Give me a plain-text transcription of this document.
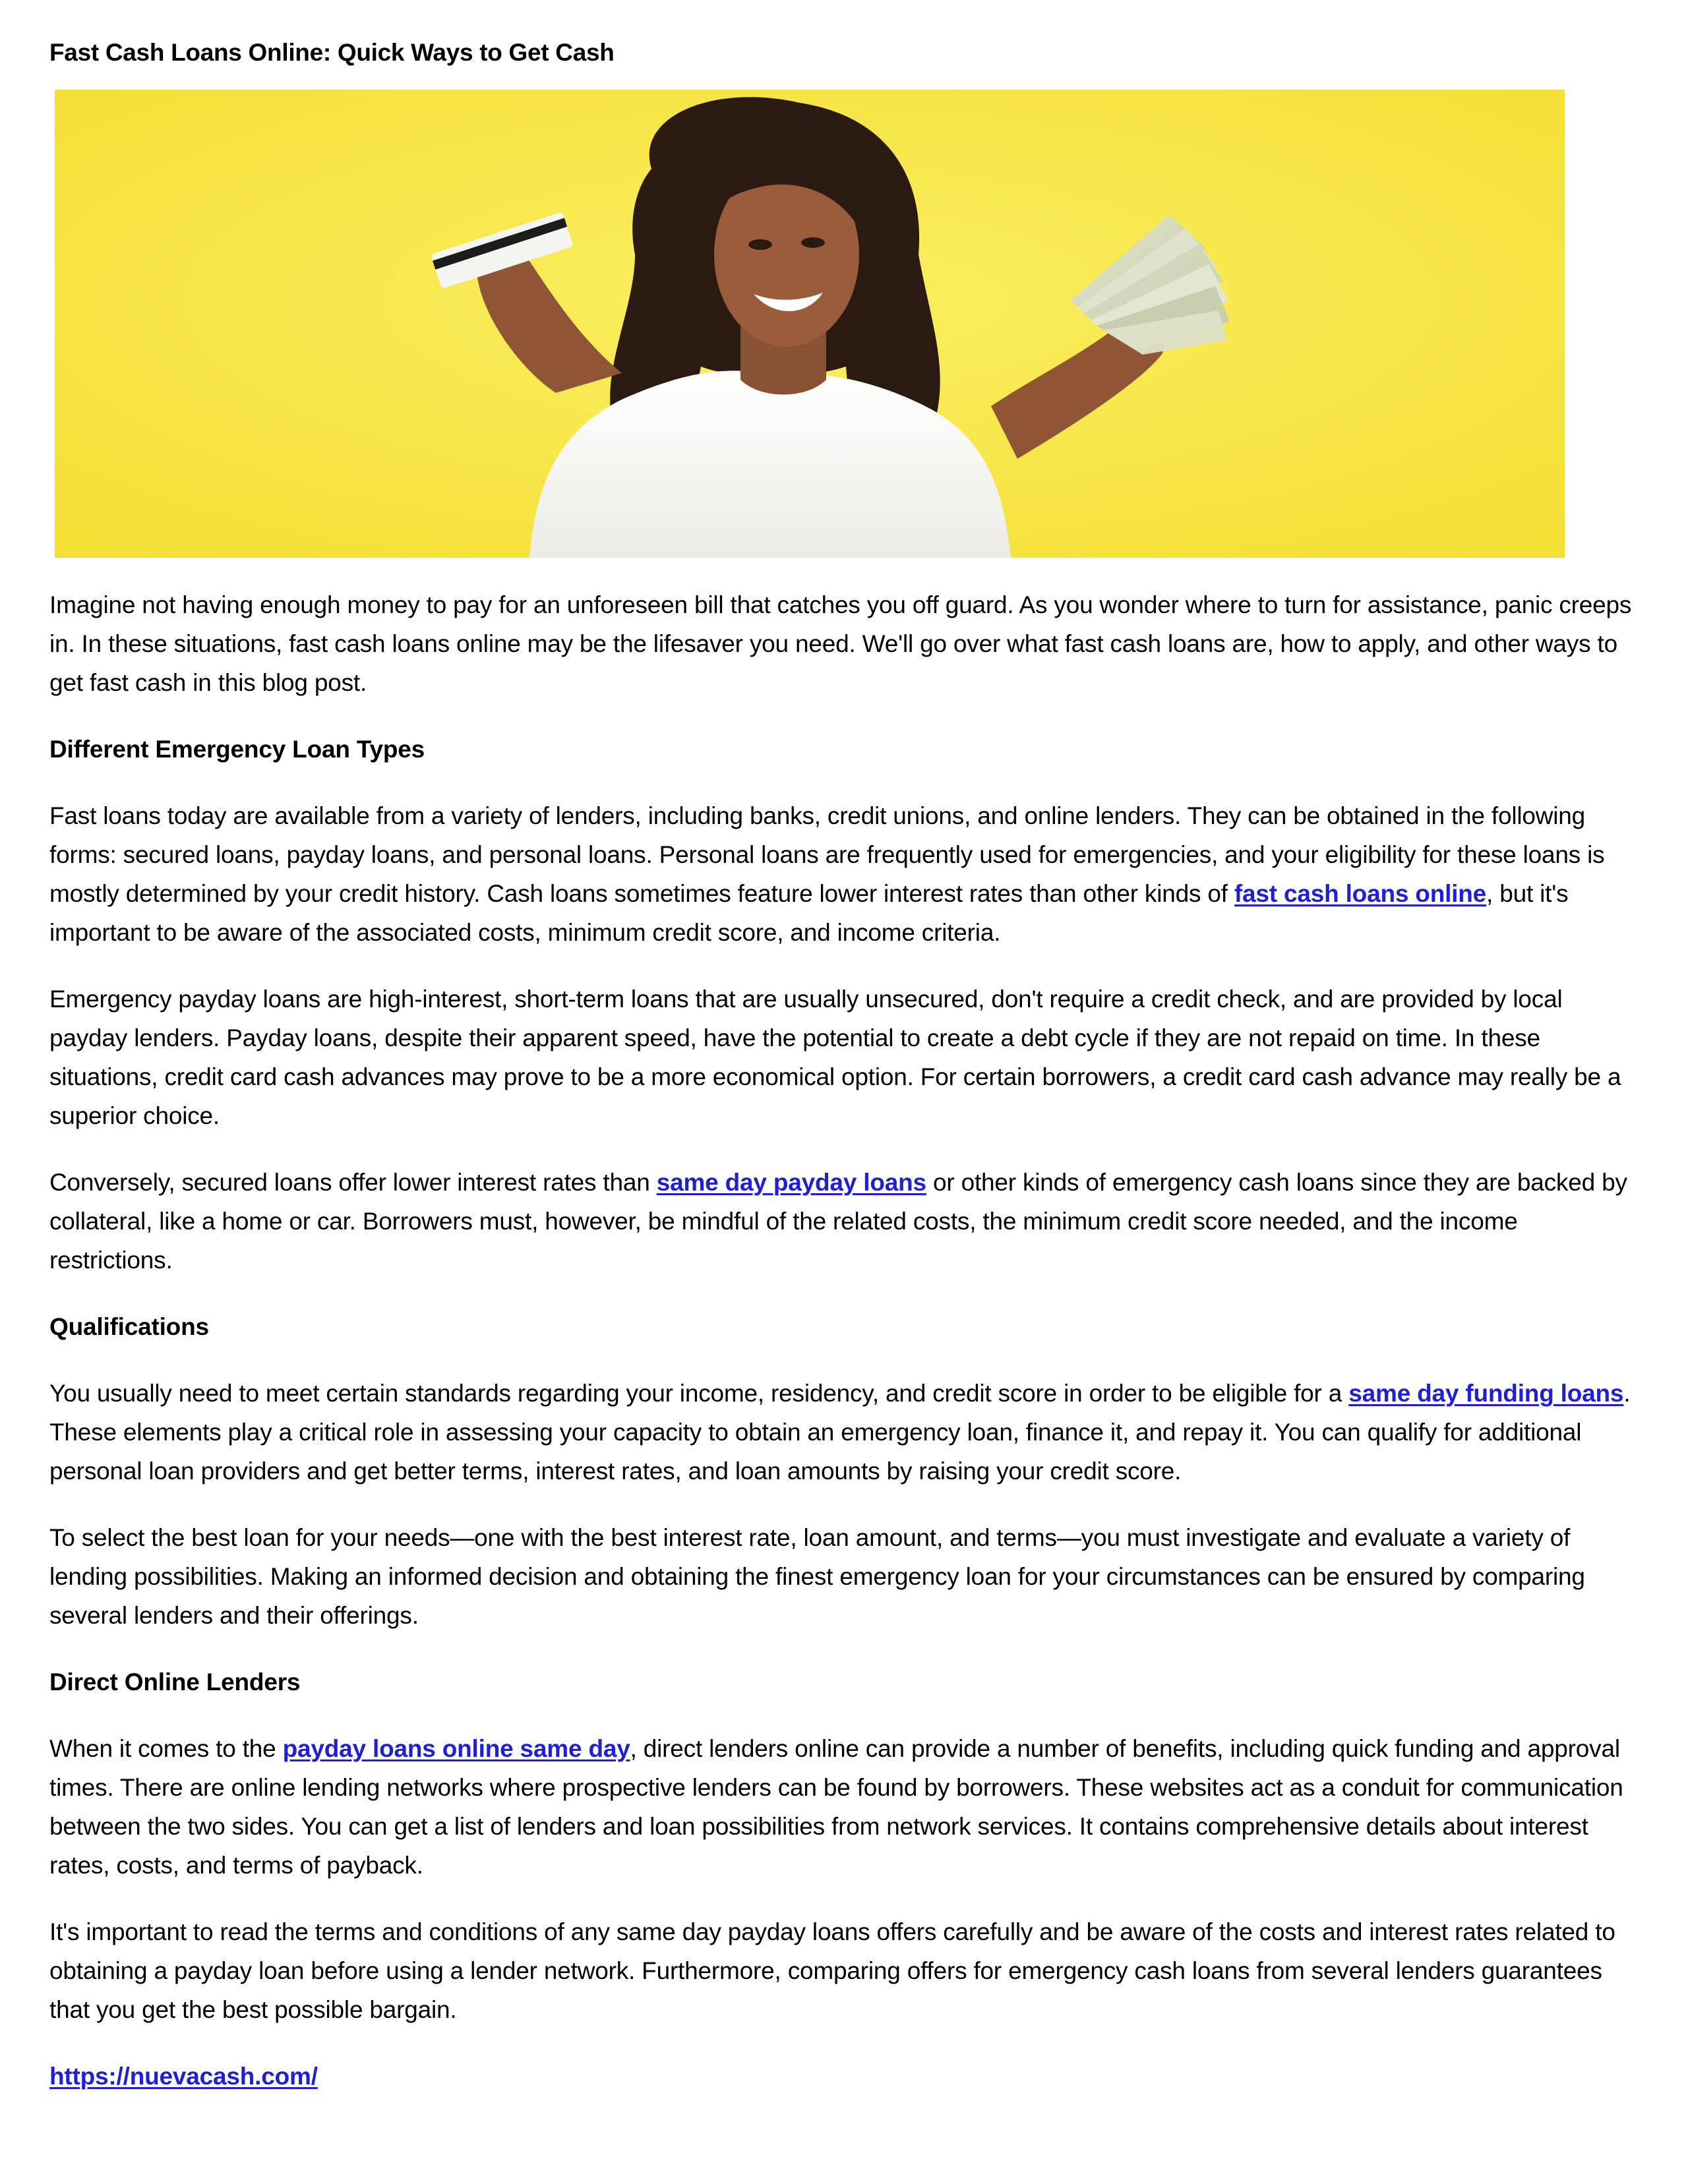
Fast Cash Loans Online: Quick Ways to Get Cash

Imagine not having enough money to pay for an unforeseen bill that catches you off guard. As you wonder where to turn for assistance, panic creeps in. In these situations, fast cash loans online may be the lifesaver you need. We'll go over what fast cash loans are, how to apply, and other ways to get fast cash in this blog post.

Different Emergency Loan Types

Fast loans today are available from a variety of lenders, including banks, credit unions, and online lenders. They can be obtained in the following forms: secured loans, payday loans, and personal loans. Personal loans are frequently used for emergencies, and your eligibility for these loans is mostly determined by your credit history. Cash loans sometimes feature lower interest rates than other kinds of fast cash loans online, but it's important to be aware of the associated costs, minimum credit score, and income criteria.

Emergency payday loans are high-interest, short-term loans that are usually unsecured, don't require a credit check, and are provided by local payday lenders. Payday loans, despite their apparent speed, have the potential to create a debt cycle if they are not repaid on time. In these situations, credit card cash advances may prove to be a more economical option. For certain borrowers, a credit card cash advance may really be a superior choice.

Conversely, secured loans offer lower interest rates than same day payday loans or other kinds of emergency cash loans since they are backed by collateral, like a home or car. Borrowers must, however, be mindful of the related costs, the minimum credit score needed, and the income restrictions.

Qualifications

You usually need to meet certain standards regarding your income, residency, and credit score in order to be eligible for a same day funding loans. These elements play a critical role in assessing your capacity to obtain an emergency loan, finance it, and repay it. You can qualify for additional personal loan providers and get better terms, interest rates, and loan amounts by raising your credit score.

To select the best loan for your needs—one with the best interest rate, loan amount, and terms—you must investigate and evaluate a variety of lending possibilities. Making an informed decision and obtaining the finest emergency loan for your circumstances can be ensured by comparing several lenders and their offerings.

Direct Online Lenders

When it comes to the payday loans online same day, direct lenders online can provide a number of benefits, including quick funding and approval times. There are online lending networks where prospective lenders can be found by borrowers. These websites act as a conduit for communication between the two sides. You can get a list of lenders and loan possibilities from network services. It contains comprehensive details about interest rates, costs, and terms of payback.

It's important to read the terms and conditions of any same day payday loans offers carefully and be aware of the costs and interest rates related to obtaining a payday loan before using a lender network. Furthermore, comparing offers for emergency cash loans from several lenders guarantees that you get the best possible bargain.

https://nuevacash.com/
